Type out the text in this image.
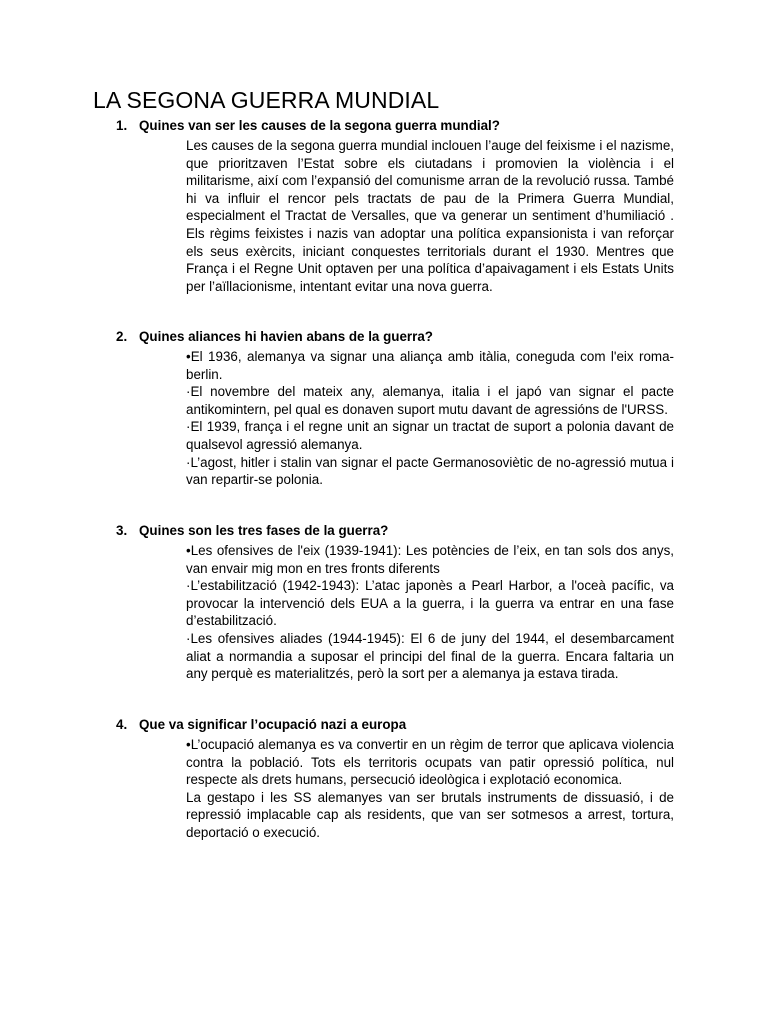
LA SEGONA GUERRA MUNDIAL
1. Quines van ser les causes de la segona guerra mundial?

Les causes de la segona guerra mundial inclouen l’auge del feixisme i el nazisme, que prioritzaven l’Estat sobre els ciutadans i promovien la violència i el militarisme, així com l’expansió del comunisme arran de la revolució russa. També hi va influir el rencor pels tractats de pau de la Primera Guerra Mundial, especialment el Tractat de Versalles, que va generar un sentiment d’humiliació . Els règims feixistes i nazis van adoptar una política expansionista i van reforçar els seus exèrcits, iniciant conquestes territorials durant el 1930. Mentres que França i el Regne Unit optaven per una política d’apaivagament i els Estats Units per l’aïllacionisme, intentant evitar una nova guerra.

2. Quines aliances hi havien abans de la guerra?

•El 1936, alemanya va signar una aliança amb itàlia, coneguda com l'eix roma-berlin.

·El novembre del mateix any, alemanya, italia i el japó van signar el pacte antikomintern, pel qual es donaven suport mutu davant de agressións de l'URSS.

·El 1939, frança i el regne unit an signar un tractat de suport a polonia davant de qualsevol agressió alemanya.

·L’agost, hitler i stalin van signar el pacte Germanosoviètic de no-agressió mutua i van repartir-se polonia.

3. Quines son les tres fases de la guerra?

•Les ofensives de l'eix (1939-1941): Les potències de l’eix, en tan sols dos anys, van envair mig mon en tres fronts diferents

·L’estabilització (1942-1943): L’atac japonès a Pearl Harbor, a l'oceà pacífic, va provocar la intervenció dels EUA a la guerra, i la guerra va entrar en una fase d’estabilització.

·Les ofensives aliades (1944-1945): El 6 de juny del 1944, el desembarcament aliat a normandia a suposar el principi del final de la guerra. Encara faltaria un any perquè es materialitzés, però la sort per a alemanya ja estava tirada.

4. Que va significar l’ocupació nazi a europa

•L’ocupació alemanya es va convertir en un règim de terror que aplicava violencia contra la població. Tots els territoris ocupats van patir opressió política, nul respecte als drets humans, persecució ideològica i explotació economica.

La gestapo i les SS alemanyes van ser brutals instruments de dissuasió, i de repressió implacable cap als residents, que van ser sotmesos a arrest, tortura, deportació o execució.
